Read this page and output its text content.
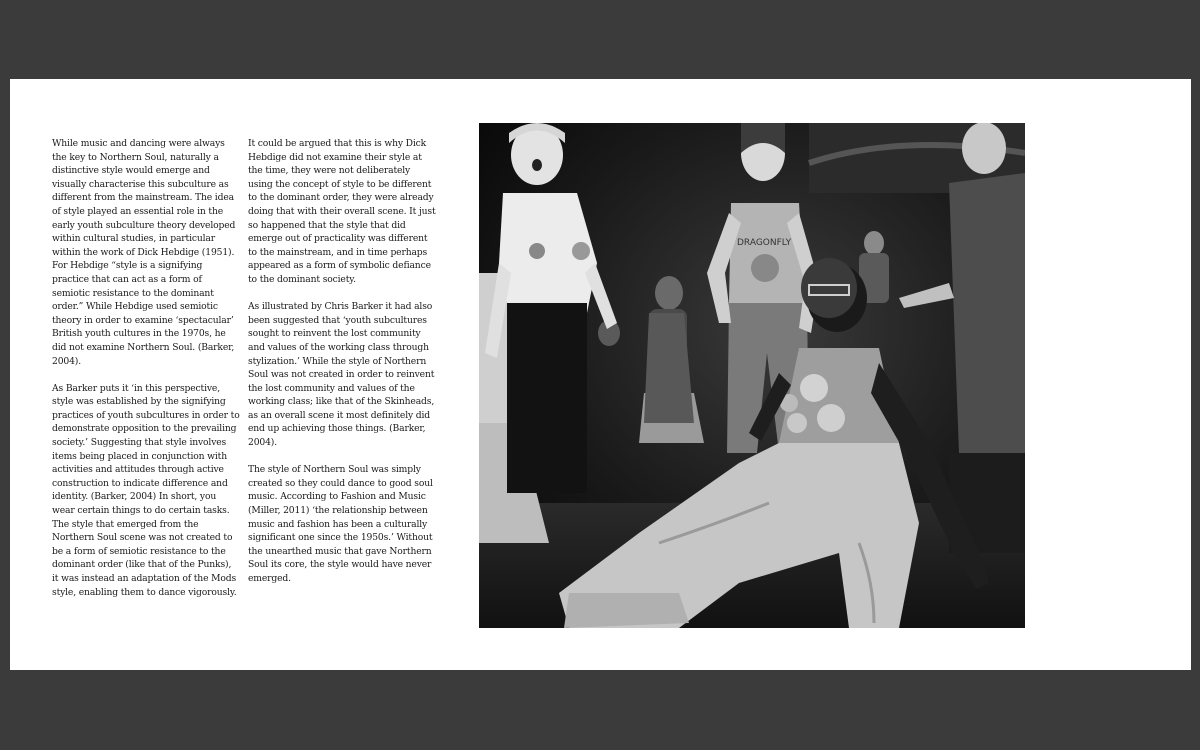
While music and dancing were always the key to Northern Soul, naturally a distinctive style would emerge and visually characterise this subculture as different from the mainstream. The idea of style played an essential role in the early youth subculture theory developed within cultural studies, in particular within the work of Dick Hebdige (1951). For Hebdige “style is a signifying practice that can act as a form of semiotic resistance to the dominant order.” While Hebdige used semiotic theory in order to examine ‘spectacular’ British youth cultures in the 1970s, he did not examine Northern Soul. (Barker, 2004).

As Barker puts it ‘in this perspective, style was established by the signifying practices of youth subcultures in order to demonstrate opposition to the prevailing society.’ Suggesting that style involves items being placed in conjunction with activities and attitudes through active construction to indicate difference and identity. (Barker, 2004) In short, you wear certain things to do certain tasks. The style that emerged from the Northern Soul scene was not created to be a form of semiotic resistance to the dominant order (like that of the Punks), it was instead an adaptation of the Mods style, enabling them to dance vigorously.

It could be argued that this is why Dick Hebdige did not examine their style at the time, they were not deliberately using the concept of style to be different to the dominant order, they were already doing that with their overall scene. It just so happened that the style that did emerge out of practicality was different to the mainstream, and in time perhaps appeared as a form of symbolic defiance to the dominant society.

As illustrated by Chris Barker it had also been suggested that ‘youth subcultures sought to reinvent the lost community and values of the working class through stylization.’ While the style of Northern Soul was not created in order to reinvent the lost community and values of the working class; like that of the Skinheads, as an overall scene it most definitely did end up achieving those things. (Barker, 2004).

The style of Northern Soul was simply created so they could dance to good soul music. According to Fashion and Music (Miller, 2011) ‘the relationship between music and fashion has been a culturally significant one since the 1950s.’ Without the unearthed music that gave Northern Soul its core, the style would have never emerged.

DRAGONFLY
